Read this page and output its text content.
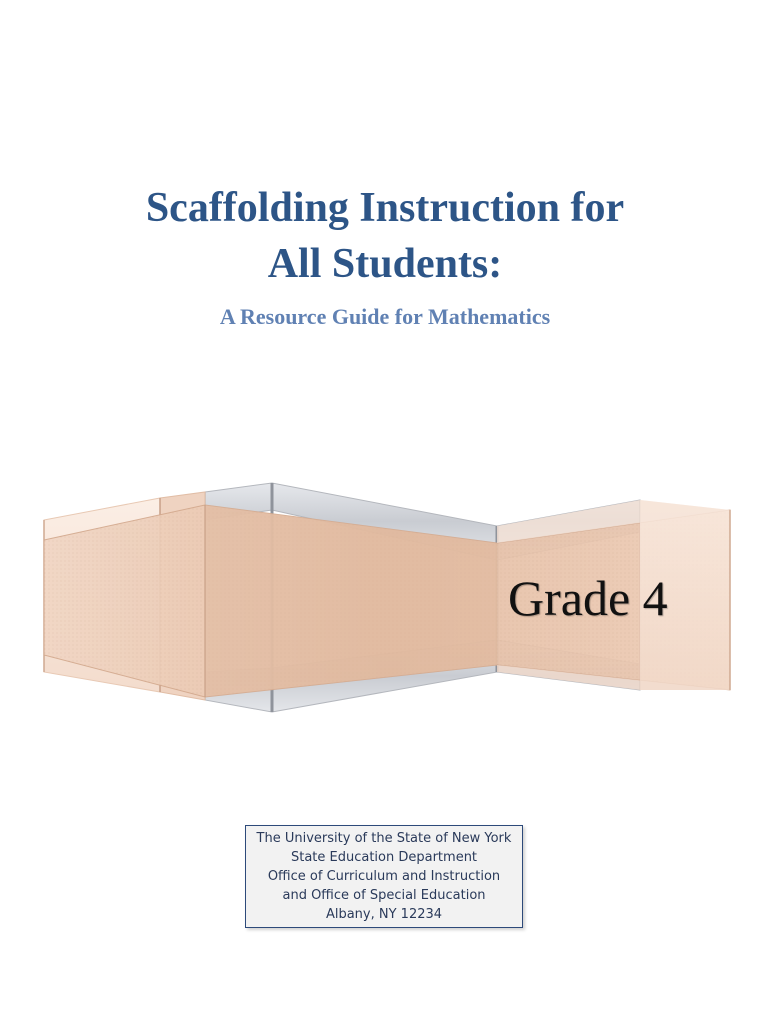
Scaffolding Instruction for
All Students:
A Resource Guide for Mathematics
Grade 4
The University of the State of New York
State Education Department
Office of Curriculum and Instruction
and Office of Special Education
Albany, NY 12234
